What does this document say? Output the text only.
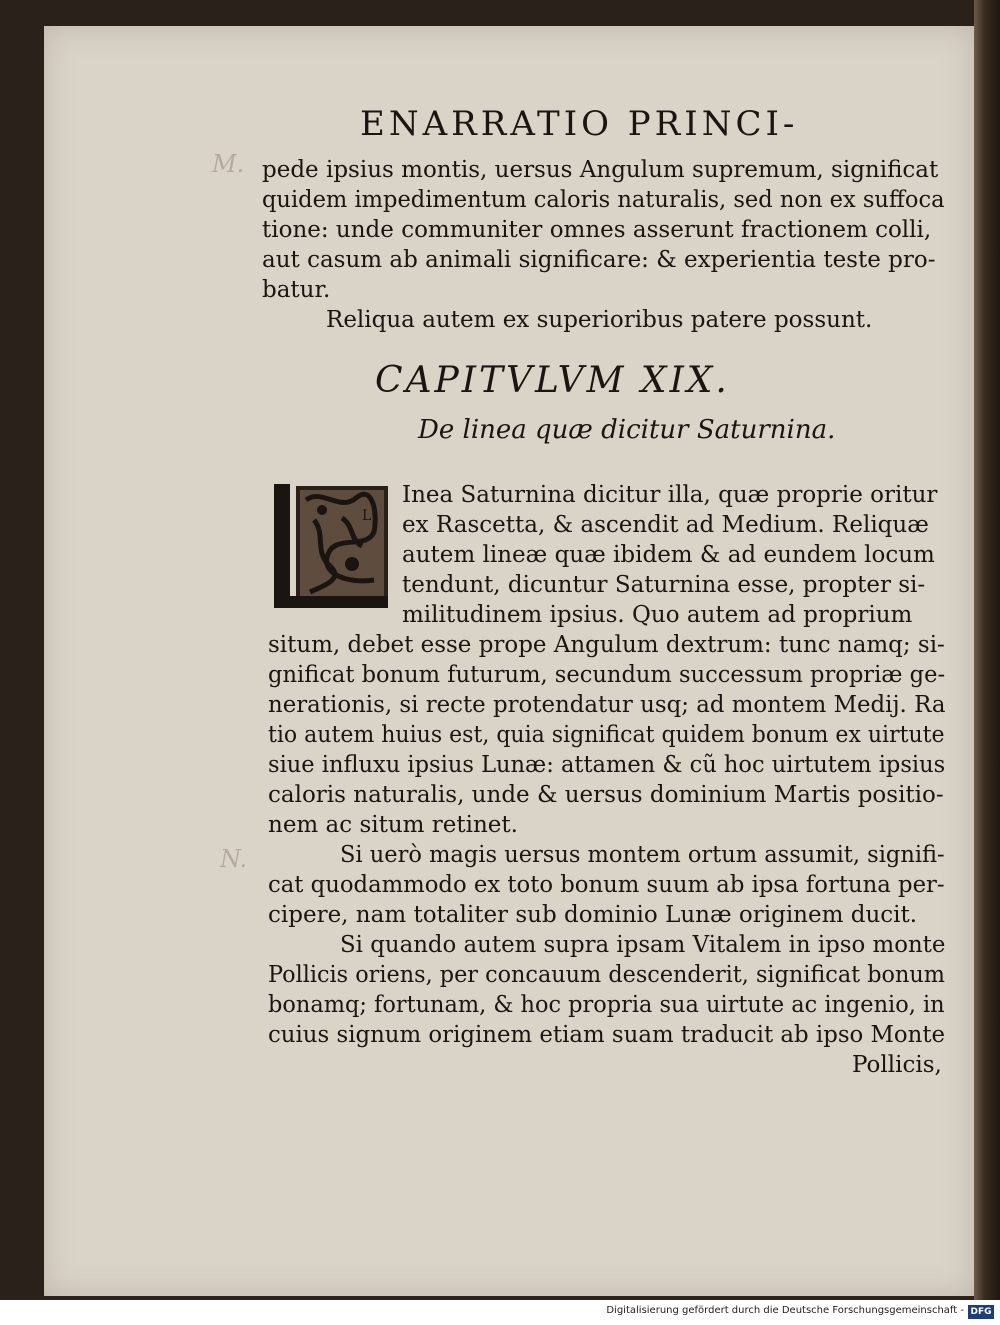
M.
N.
ENARRATIO PRINCI-
pede ipsius montis, uersus Angulum supremum, significat
quidem impedimentum caloris naturalis, sed non ex suffoca
tione: unde communiter omnes asserunt fractionem colli,
aut casum ab animali significare: & experientia teste pro-
batur.
Reliqua autem ex superioribus patere possunt.
CAPITVLVM XIX.
De linea quæ dicitur Saturnina.
L
Inea Saturnina dicitur illa, quæ proprie oritur
ex Rascetta, & ascendit ad Medium. Reliquæ
autem lineæ quæ ibidem & ad eundem locum
tendunt, dicuntur Saturnina esse, propter si-
militudinem ipsius. Quo autem ad proprium
situm, debet esse prope Angulum dextrum: tunc namq; si-
gnificat bonum futurum, secundum successum propriæ ge-
nerationis, si recte protendatur usq; ad montem Medij. Ra
tio autem huius est, quia significat quidem bonum ex uirtute
siue influxu ipsius Lunæ: attamen & cũ hoc uirtutem ipsius
caloris naturalis, unde & uersus dominium Martis positio-
nem ac situm retinet.
Si uerò magis uersus montem ortum assumit, signifi-
cat quodammodo ex toto bonum suum ab ipsa fortuna per-
cipere, nam totaliter sub dominio Lunæ originem ducit.
Si quando autem supra ipsam Vitalem in ipso monte
Pollicis oriens, per concauum descenderit, significat bonum
bonamq; fortunam, & hoc propria sua uirtute ac ingenio, in
cuius signum originem etiam suam traducit ab ipso Monte
Pollicis,
Digitalisierung gefördert durch die Deutsche Forschungsgemeinschaft - DFG
